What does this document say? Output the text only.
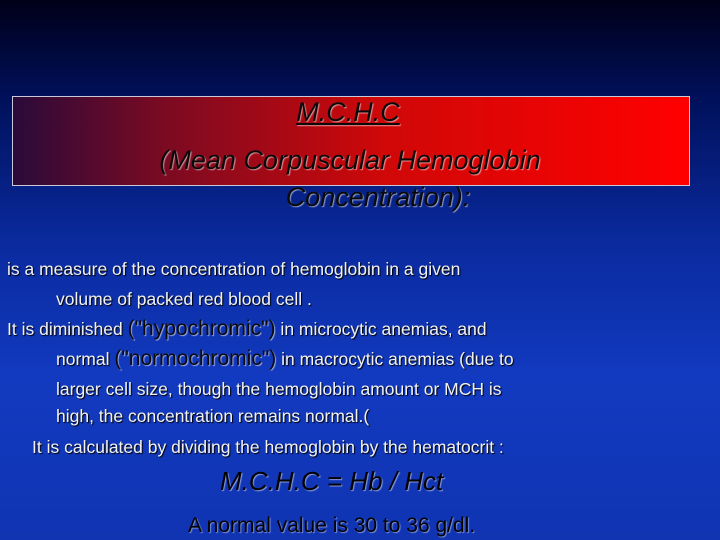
M.C.H.C
(Mean Corpuscular Hemoglobin
Concentration):
is a measure of the concentration of hemoglobin in a given
volume of packed red blood cell .
It is diminished ("hypochromic") in microcytic anemias, and
normal ("normochromic") in macrocytic anemias (due to
larger cell size, though the hemoglobin amount or MCH is
high, the concentration remains normal.(
It is calculated by dividing the hemoglobin by the hematocrit :
M.C.H.C = Hb / Hct
A normal value is 30 to 36 g/dl.
